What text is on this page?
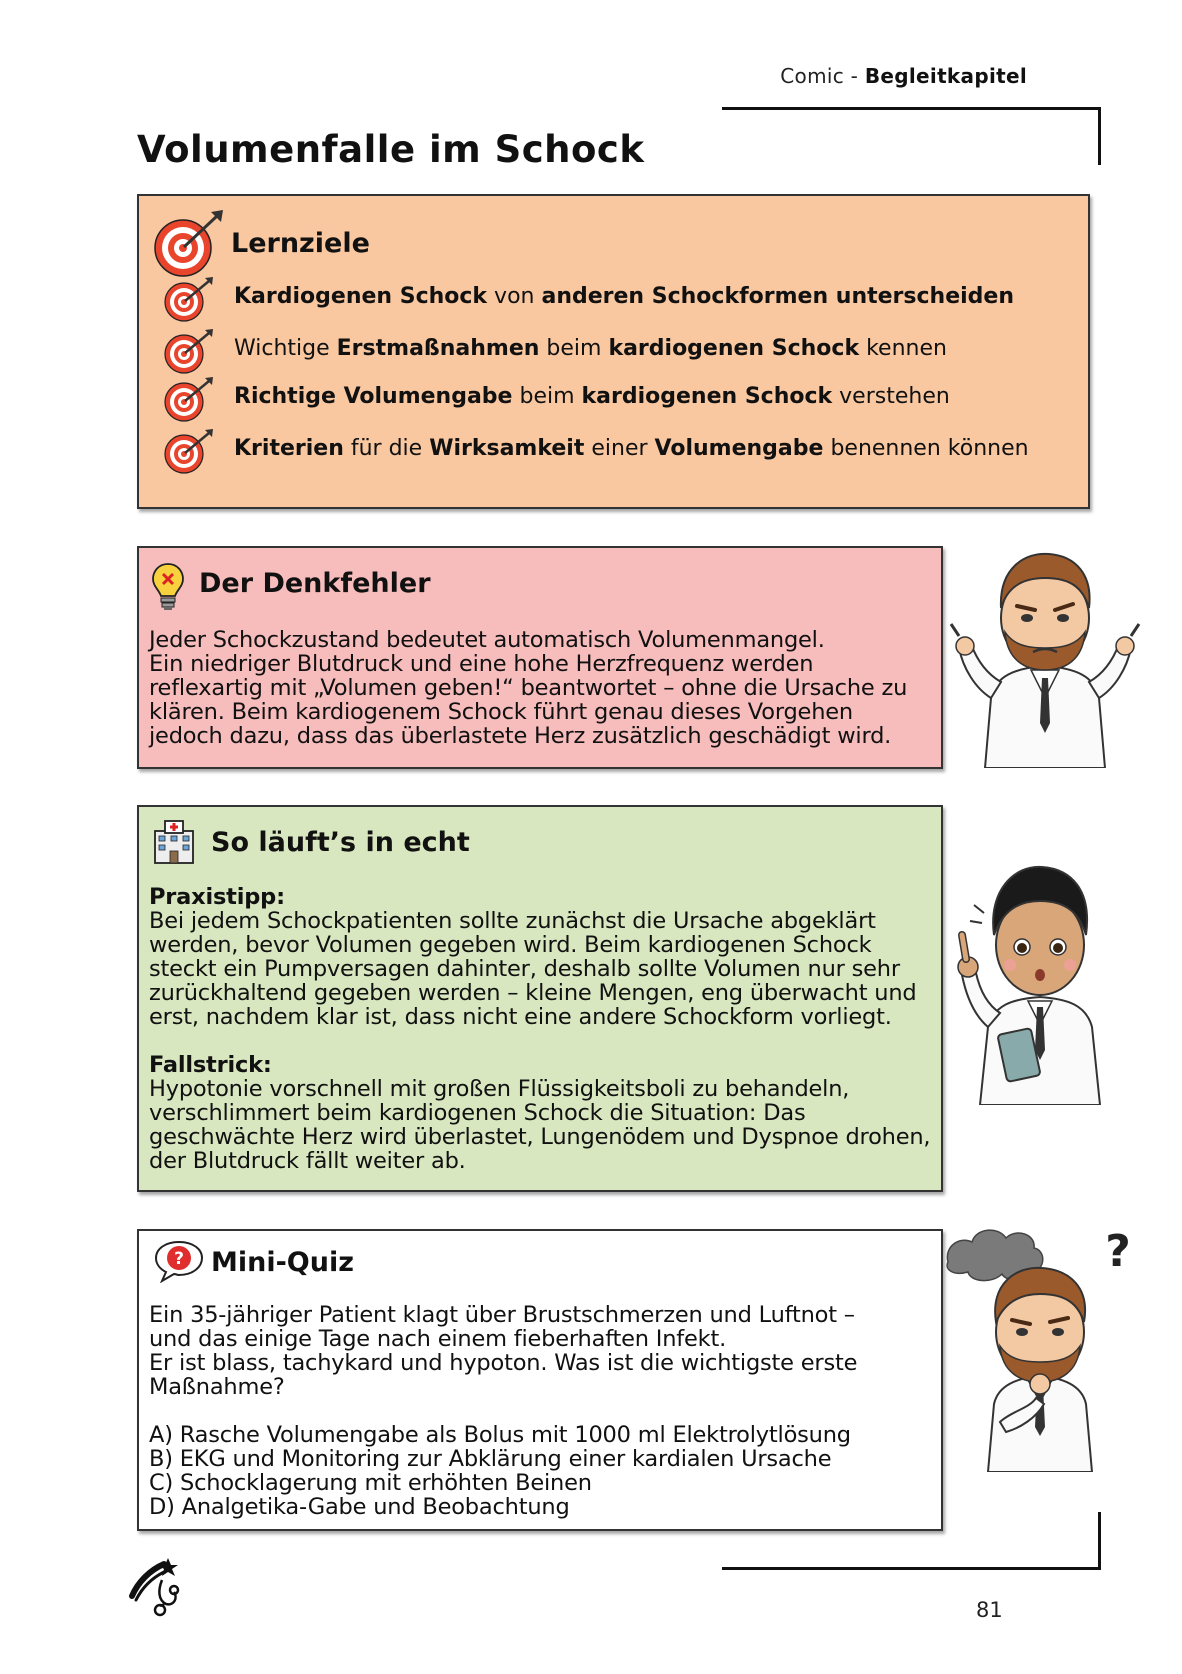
Comic - Begleitkapitel
Volumenfalle im Schock
Lernziele
Kardiogenen Schock von anderen Schockformen unterscheiden
Wichtige Erstmaßnahmen beim kardiogenen Schock kennen
Richtige Volumengabe beim kardiogenen Schock verstehen
Kriterien für die Wirksamkeit einer Volumengabe benennen können
Der Denkfehler

Jeder Schockzustand bedeutet automatisch Volumenmangel.

Ein niedriger Blutdruck und eine hohe Herzfrequenz werden

reflexartig mit „Volumen geben!“ beantwortet – ohne die Ursache zu

klären. Beim kardiogenem Schock führt genau dieses Vorgehen

jedoch dazu, dass das überlastete Herz zusätzlich geschädigt wird.

So läuft’s in echt

Praxistipp:

Bei jedem Schockpatienten sollte zunächst die Ursache abgeklärt

werden, bevor Volumen gegeben wird. Beim kardiogenen Schock

steckt ein Pumpversagen dahinter, deshalb sollte Volumen nur sehr

zurückhaltend gegeben werden – kleine Mengen, eng überwacht und

erst, nachdem klar ist, dass nicht eine andere Schockform vorliegt.

Fallstrick:

Hypotonie vorschnell mit großen Flüssigkeitsboli zu behandeln,

verschlimmert beim kardiogenen Schock die Situation: Das

geschwächte Herz wird überlastet, Lungenödem und Dyspnoe drohen,

der Blutdruck fällt weiter ab.

? Mini-Quiz

Ein 35-jähriger Patient klagt über Brustschmerzen und Luftnot –

und das einige Tage nach einem fieberhaften Infekt.

Er ist blass, tachykard und hypoton. Was ist die wichtigste erste

Maßnahme?

A) Rasche Volumengabe als Bolus mit 1000 ml Elektrolytlösung

B) EKG und Monitoring zur Abklärung einer kardialen Ursache

C) Schocklagerung mit erhöhten Beinen

D) Analgetika-Gabe und Beobachtung

?
81
